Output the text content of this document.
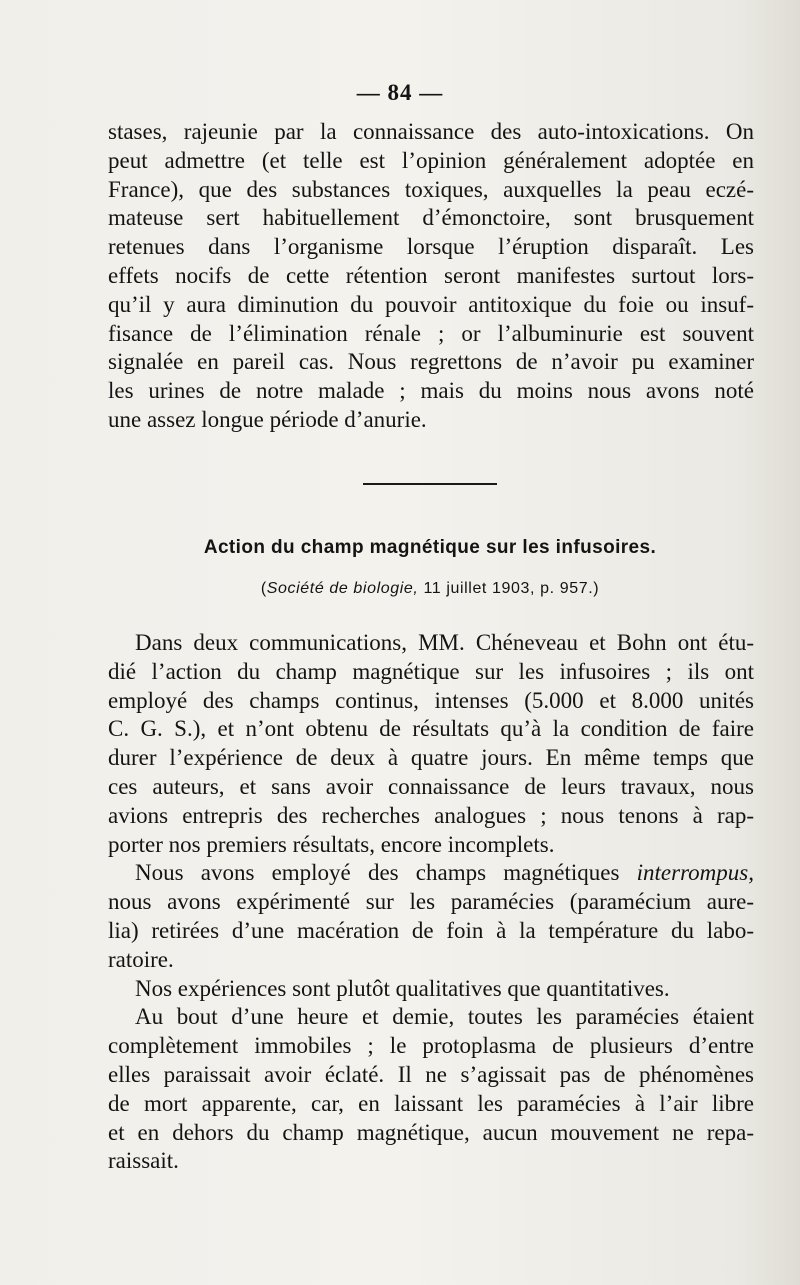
— 84 —
stases, rajeunie par la connaissance des auto-intoxications. On
peut admettre (et telle est l’opinion généralement adoptée en
France), que des substances toxiques, auxquelles la peau eczé-
mateuse sert habituellement d’émonctoire, sont brusquement
retenues dans l’organisme lorsque l’éruption disparaît. Les
effets nocifs de cette rétention seront manifestes surtout lors-
qu’il y aura diminution du pouvoir antitoxique du foie ou insuf-
fisance de l’élimination rénale ; or l’albuminurie est souvent
signalée en pareil cas. Nous regrettons de n’avoir pu examiner
les urines de notre malade ; mais du moins nous avons noté
une assez longue période d’anurie.
Action du champ magnétique sur les infusoires.
(Société de biologie, 11 juillet 1903, p. 957.)
Dans deux communications, MM. Chéneveau et Bohn ont étu-
dié l’action du champ magnétique sur les infusoires ; ils ont
employé des champs continus, intenses (5.000 et 8.000 unités
C. G. S.), et n’ont obtenu de résultats qu’à la condition de faire
durer l’expérience de deux à quatre jours. En même temps que
ces auteurs, et sans avoir connaissance de leurs travaux, nous
avions entrepris des recherches analogues ; nous tenons à rap-
porter nos premiers résultats, encore incomplets.
Nous avons employé des champs magnétiques interrompus,
nous avons expérimenté sur les paramécies (paramécium aure-
lia) retirées d’une macération de foin à la température du labo-
ratoire.
Nos expériences sont plutôt qualitatives que quantitatives.
Au bout d’une heure et demie, toutes les paramécies étaient
complètement immobiles ; le protoplasma de plusieurs d’entre
elles paraissait avoir éclaté. Il ne s’agissait pas de phénomènes
de mort apparente, car, en laissant les paramécies à l’air libre
et en dehors du champ magnétique, aucun mouvement ne repa-
raissait.
